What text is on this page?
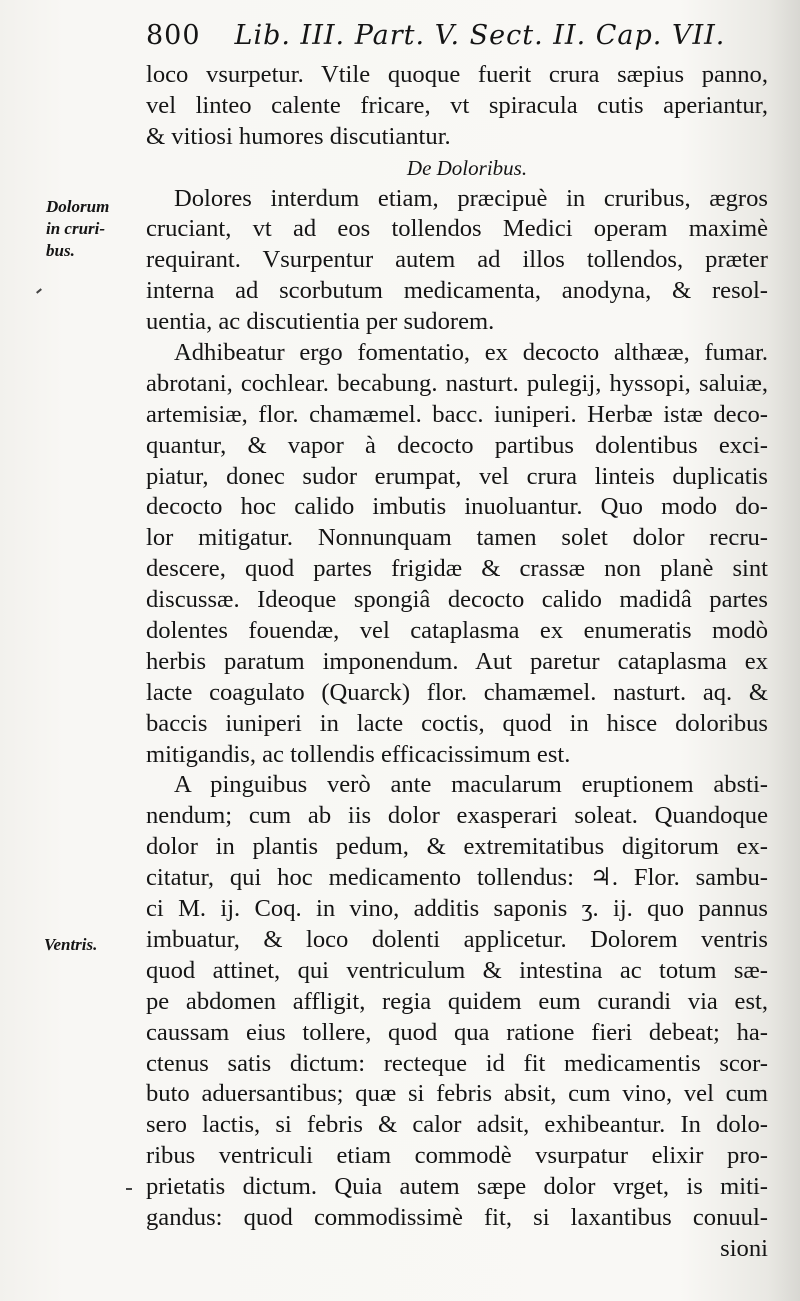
800 Lib. III. Part. V. Sect. II. Cap. VII.
Dolorum
in cruri-
bus.
Ventris.
loco vsurpetur. Vtile quoque fuerit crura sæpius panno,
vel linteo calente fricare, vt spiracula cutis aperiantur,
& vitiosi humores discutiantur.
De Doloribus.
Dolores interdum etiam, præcipuè in cruribus, ægros
cruciant, vt ad eos tollendos Medici operam maximè
requirant. Vsurpentur autem ad illos tollendos, præter
interna ad scorbutum medicamenta, anodyna, & resol-
uentia, ac discutientia per sudorem.
Adhibeatur ergo fomentatio, ex decocto althææ, fumar.
abrotani, cochlear. becabung. nasturt. pulegij, hyssopi, saluiæ,
artemisiæ, flor. chamæmel. bacc. iuniperi. Herbæ istæ deco-
quantur, & vapor à decocto partibus dolentibus exci-
piatur, donec sudor erumpat, vel crura linteis duplicatis
decocto hoc calido imbutis inuoluantur. Quo modo do-
lor mitigatur. Nonnunquam tamen solet dolor recru-
descere, quod partes frigidæ & crassæ non planè sint
discussæ. Ideoque spongiâ decocto calido madidâ partes
dolentes fouendæ, vel cataplasma ex enumeratis modò
herbis paratum imponendum. Aut paretur cataplasma ex
lacte coagulato (Quarck) flor. chamæmel. nasturt. aq. &
baccis iuniperi in lacte coctis, quod in hisce doloribus
mitigandis, ac tollendis efficacissimum est.
A pinguibus verò ante macularum eruptionem absti-
nendum; cum ab iis dolor exasperari soleat. Quandoque
dolor in plantis pedum, & extremitatibus digitorum ex-
citatur, qui hoc medicamento tollendus: ♃. Flor. sambu-
ci M. ij. Coq. in vino, additis saponis ʒ. ij. quo pannus
imbuatur, & loco dolenti applicetur. Dolorem ventris
quod attinet, qui ventriculum & intestina ac totum sæ-
pe abdomen affligit, regia quidem eum curandi via est,
caussam eius tollere, quod qua ratione fieri debeat; ha-
ctenus satis dictum: recteque id fit medicamentis scor-
buto aduersantibus; quæ si febris absit, cum vino, vel cum
sero lactis, si febris & calor adsit, exhibeantur. In dolo-
ribus ventriculi etiam commodè vsurpatur elixir pro-
prietatis dictum. Quia autem sæpe dolor vrget, is miti-
gandus: quod commodissimè fit, si laxantibus conuul-
sioni
